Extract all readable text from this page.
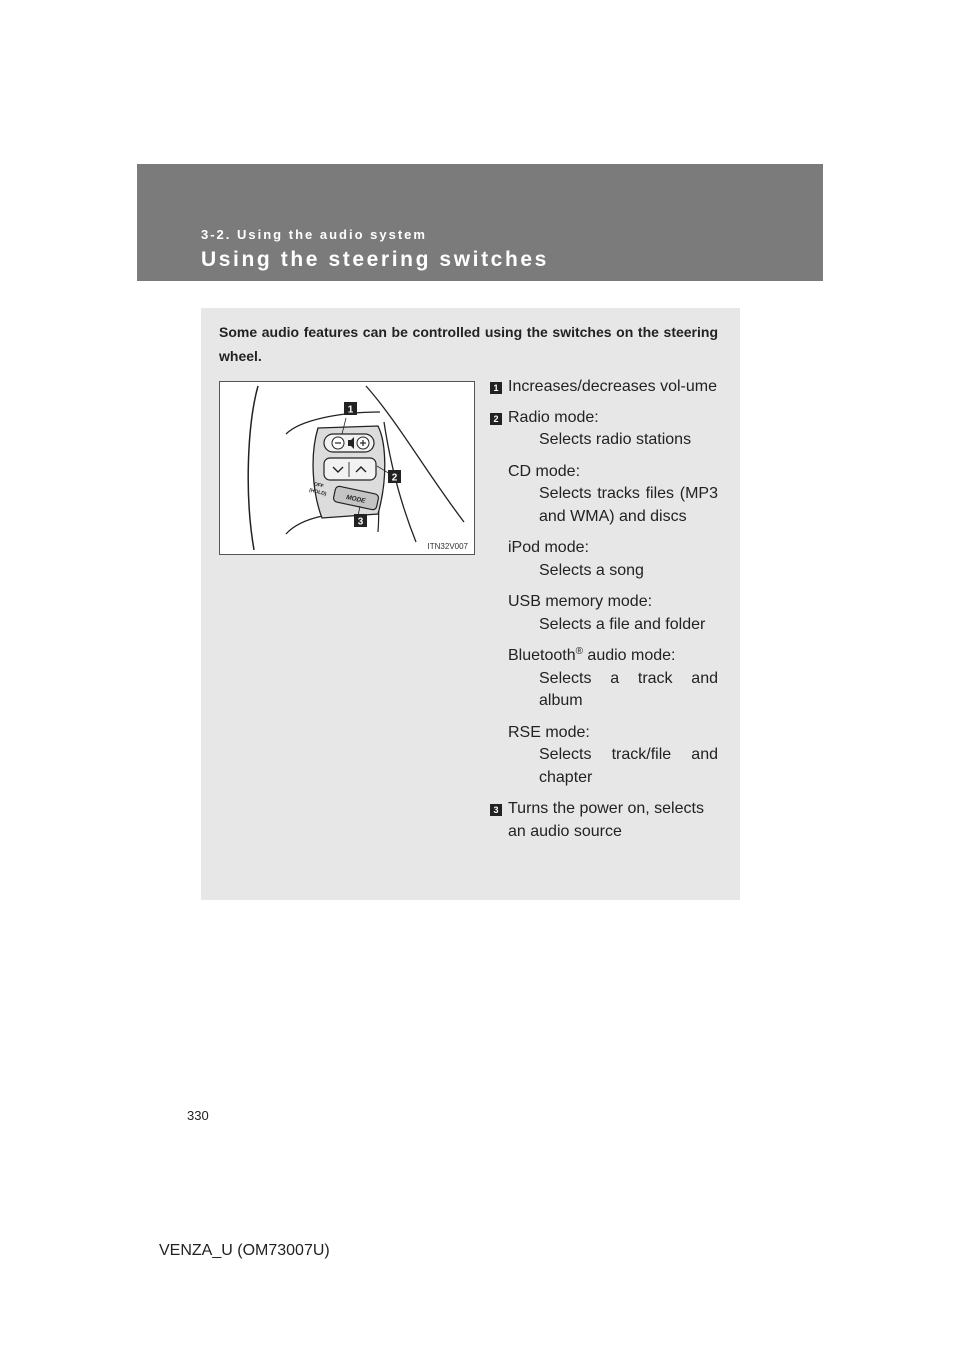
3-2. Using the audio system
Using the steering switches
Some audio features can be controlled using the switches on the steering wheel.
MODE
OFF
(HOLD)
1
2
3
ITN32V007
1 Increases/decreases vol-ume
2 Radio mode:
Selects radio stations
CD mode:
Selects tracks files (MP3 and WMA) and discs
iPod mode:
Selects a song
USB memory mode:
Selects a file and folder
Bluetooth® audio mode:
Selects a track and album
RSE mode:
Selects track/file and chapter
3 Turns the power on, selects an audio source
330
VENZA_U (OM73007U)
